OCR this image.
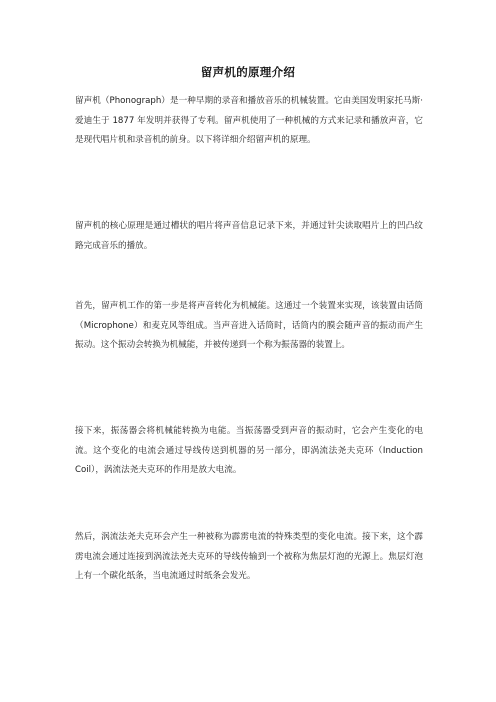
留声机的原理介绍

留声机（Phonograph）是一种早期的录音和播放音乐的机械装置。它由美国发明家托马斯·爱迪生于 1877 年发明并获得了专利。留声机使用了一种机械的方式来记录和播放声音，它是现代唱片机和录音机的前身。以下将详细介绍留声机的原理。

留声机的核心原理是通过槽状的唱片将声音信息记录下来，并通过针尖读取唱片上的凹凸纹路完成音乐的播放。

首先，留声机工作的第一步是将声音转化为机械能。这通过一个装置来实现，该装置由话筒（Microphone）和麦克风等组成。当声音进入话筒时，话筒内的膜会随声音的振动而产生振动。这个振动会转换为机械能，并被传递到一个称为振荡器的装置上。

接下来，振荡器会将机械能转换为电能。当振荡器受到声音的振动时，它会产生变化的电流。这个变化的电流会通过导线传送到机器的另一部分，即涡流法尧夫克环（Induction Coil），涡流法尧夫克环的作用是放大电流。

然后，涡流法尧夫克环会产生一种被称为霹雳电流的特殊类型的变化电流。接下来，这个霹雳电流会通过连接到涡流法尧夫克环的导线传输到一个被称为焦层灯泡的光源上。焦层灯泡上有一个碳化纸条，当电流通过时纸条会发光。
